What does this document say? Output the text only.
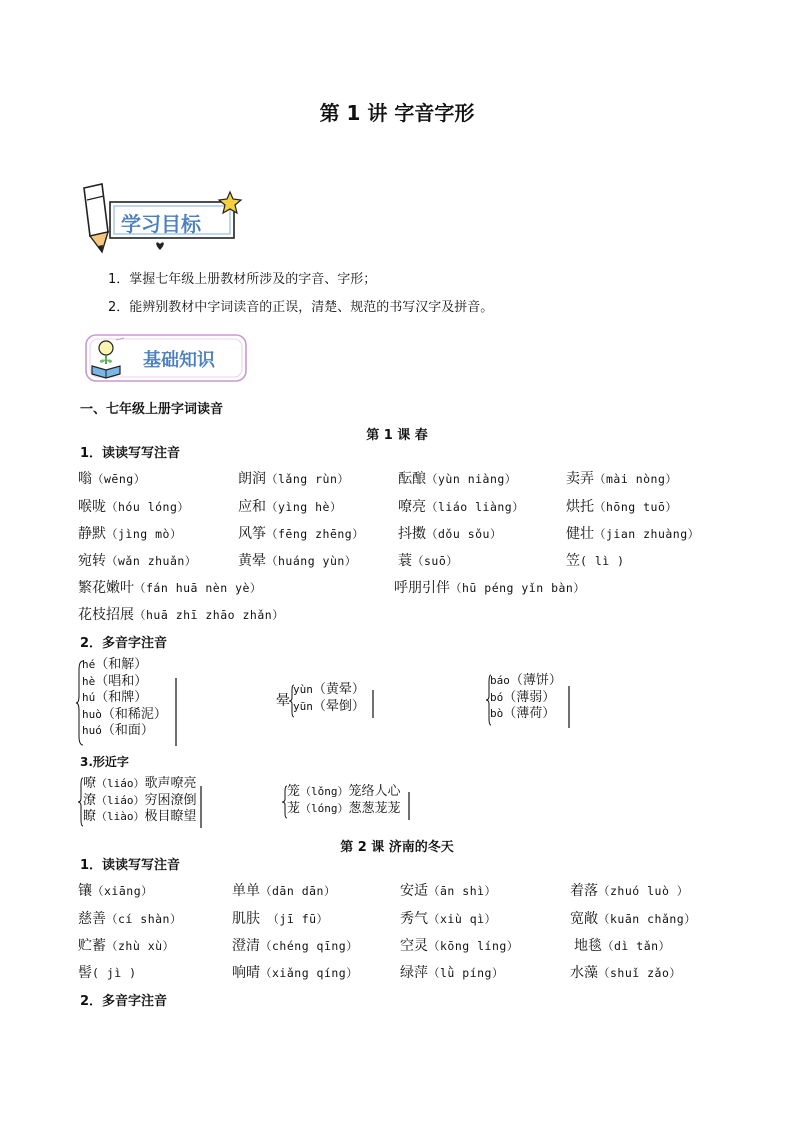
第 1 讲 字音字形
学习目标
1．掌握七年级上册教材所涉及的字音、字形；
2．能辨别教材中字词读音的正误，清楚、规范的书写汉字及拼音。
基础知识
一、七年级上册字词读音
第 1 课 春
1．读读写写注音
嗡（wēng）	朗润（lǎng rùn）	酝酿（yùn niàng）	卖弄（mài nòng）
喉咙（hóu lóng）	应和（yìng hè）	嘹亮（liáo liàng）	烘托（hōng tuō）
静默（jìng mò）	风筝（fēng zhēng） 抖擞（dǒu sǒu）	健壮（jian zhuàng）
宛转（wǎn zhuǎn）	黄晕（huáng yùn）	蓑（suō）	笠( lì )
繁花嫩叶（fán huā nèn yè）	呼朋引伴（hū péng yǐn bàn）
花枝招展（huā zhī zhāo zhǎn）
2．多音字注音
hé（和解）
hè（唱和）
hú（和牌）
huò（和稀泥）
huó（和面）
晕
yùn（黄晕）
yūn（晕倒）
báo（薄饼）
bó（薄弱）
bò（薄荷）
3.形近字
嘹（liáo）歌声嘹亮
潦（liáo）穷困潦倒
瞭（liào）极目瞭望
笼（lǒng）笼络人心
茏（lóng）葱葱茏茏
第 2 课 济南的冬天
1．读读写写注音
镶（xiāng）	单单（dān dān）	安适（ān shì）	着落（zhuó luò ）
慈善（cí shàn）	肌肤 （jī fū）	秀气（xiù qì）	宽敞（kuān chǎng）
贮蓄（zhù xù）	澄清（chéng qīng）	空灵（kōng líng）	地毯（dì tǎn）
髻( jì )	响晴（xiǎng qíng）	绿萍（lǜ píng）	水藻（shuǐ zǎo）
2．多音字注音
